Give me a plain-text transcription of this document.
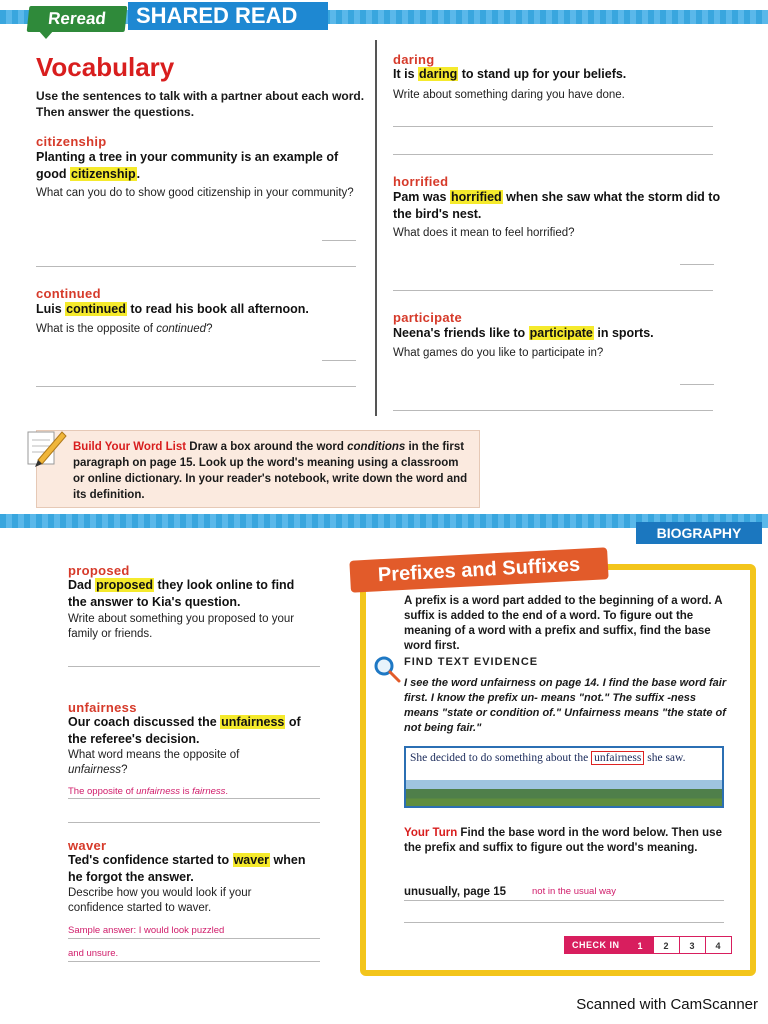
Reread	SHARED READ
Vocabulary
Use the sentences to talk with a partner about each word. Then answer the questions.
citizenship
Planting a tree in your community is an example of good citizenship.
What can you do to show good citizenship in your community?
continued
Luis continued to read his book all afternoon.
What is the opposite of continued?
daring
It is daring to stand up for your beliefs.
Write about something daring you have done.
horrified
Pam was horrified when she saw what the storm did to the bird's nest.
What does it mean to feel horrified?
participate
Neena's friends like to participate in sports.
What games do you like to participate in?
Build Your Word List Draw a box around the word conditions in the first paragraph on page 15. Look up the word's meaning using a classroom or online dictionary. In your reader's notebook, write down the word and its definition.
BIOGRAPHY
proposed
Dad proposed they look online to find the answer to Kia's question.
Write about something you proposed to your family or friends.
unfairness
Our coach discussed the unfairness of the referee's decision.
What word means the opposite of unfairness?
The opposite of unfairness is fairness.
waver
Ted's confidence started to waver when he forgot the answer.
Describe how you would look if your confidence started to waver.
Sample answer: I would look puzzled
and unsure.
Prefixes and Suffixes
A prefix is a word part added to the beginning of a word. A suffix is added to the end of a word. To figure out the meaning of a word with a prefix and suffix, find the base word first.
FIND TEXT EVIDENCE
I see the word unfairness on page 14. I find the base word fair first. I know the prefix un- means "not." The suffix -ness means "state or condition of." Unfairness means "the state of not being fair."
She decided to do something about the unfairness she saw.
Your Turn Find the base word in the word below. Then use the prefix and suffix to figure out the word's meaning.
unusually, page 15	not in the usual way
CHECK IN	1	2	3	4
Scanned with CamScanner
